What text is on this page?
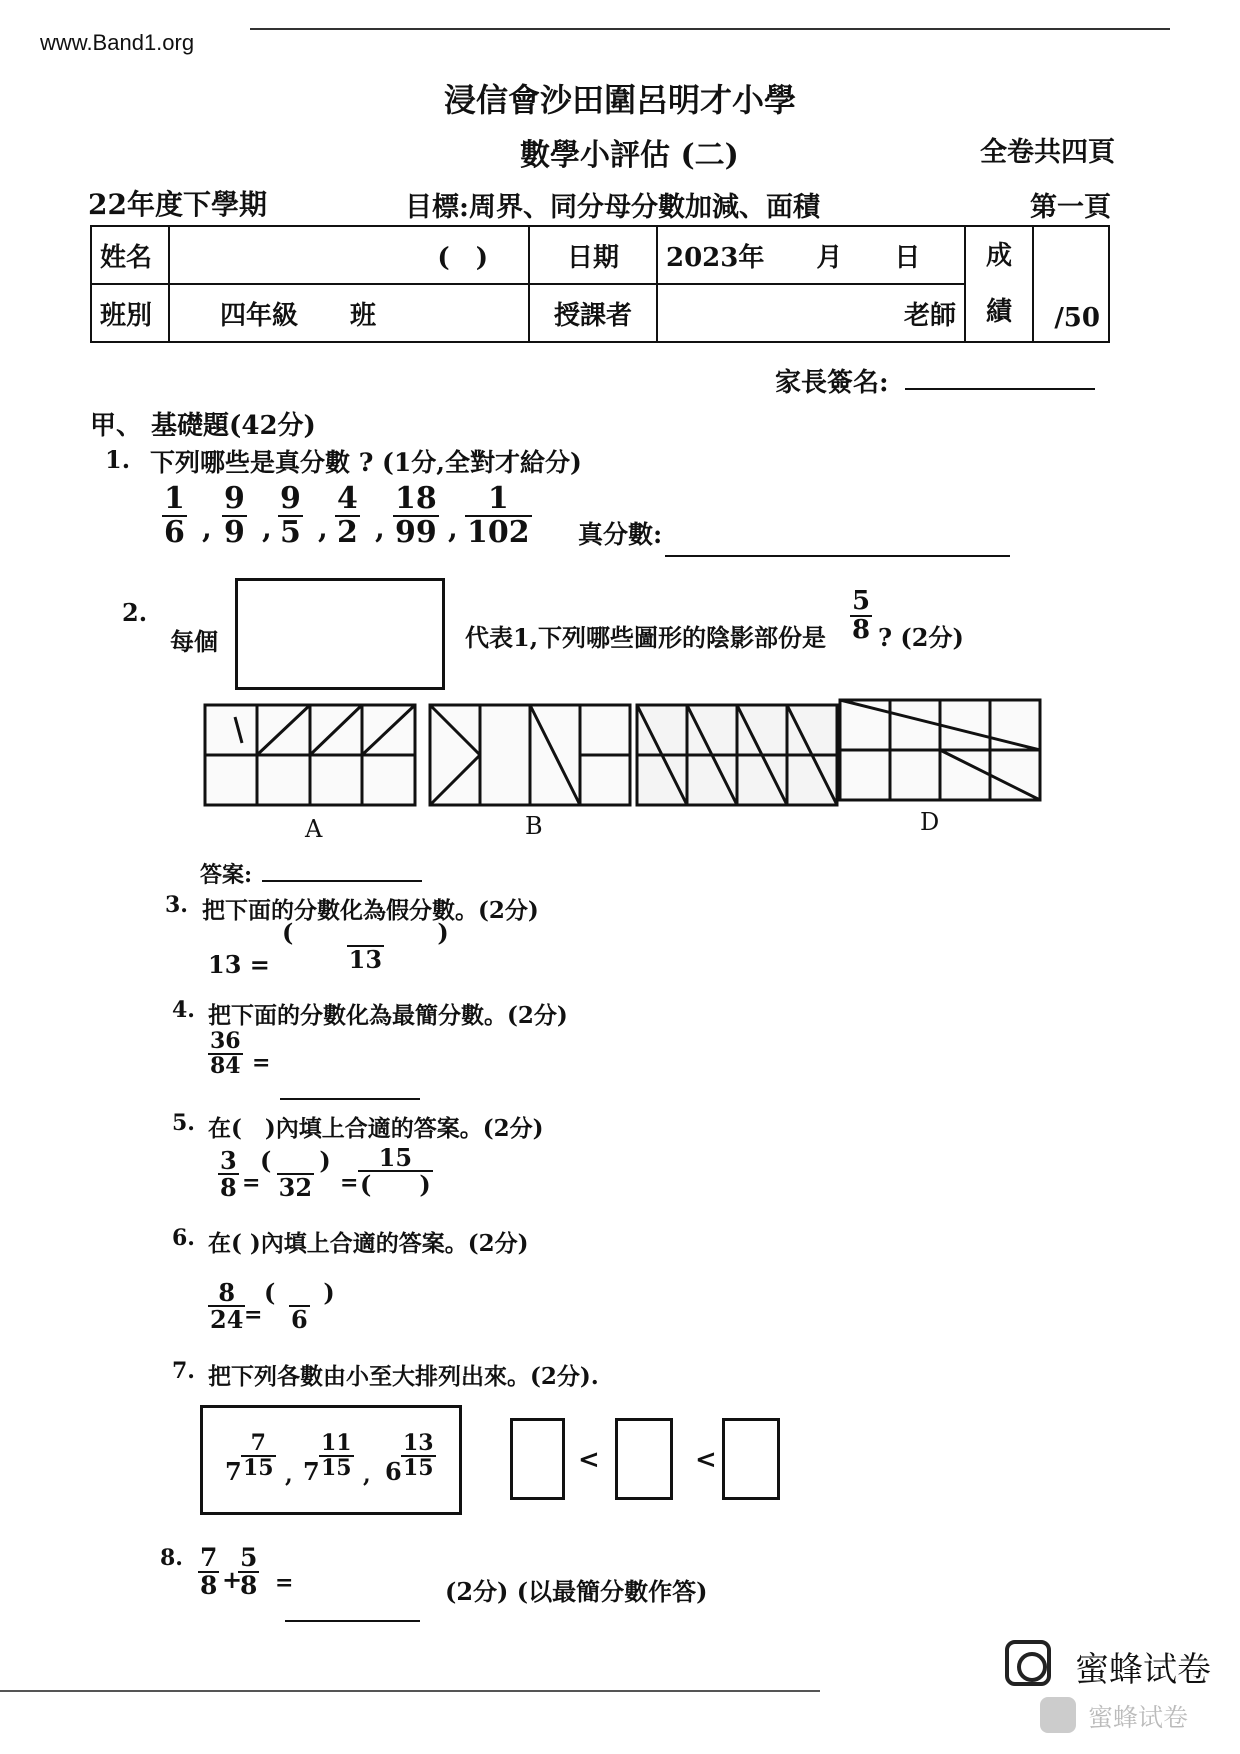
www.Band1.org
浸信會沙田圍呂明才小學
數學小評估 (二)	全卷共四頁
22年度下學期	目標:周界、同分母分數加減、面積	第一頁
姓名	(　)	日期	2023年　　月　　日	成績	/50
班別	四年級　　班	授課者	老師		
家長簽名:
甲、 基礎題(42分)
1. 下列哪些是真分數 ? (1分,全對才給分)
$\frac{1}{6}$ , $\frac{9}{9}$ , $\frac{9}{5}$ , $\frac{4}{2}$ , $\frac{18}{99}$ , $\frac{1}{102}$ 真分數:
2.
每個	代表1,下列哪些圖形的陰影部份是 $\frac{5}{8}$ ? (2分)
A	B	D
C
答案:
3. 把下面的分數化為假分數。(2分)
13 =
(　　　　　　)
13
4. 把下面的分數化為最簡分數。(2分)
$\frac{36}{84}$ =
5. 在(　)內填上合適的答案。(2分)
$\frac{3}{8}$ =
(　　)
32 =
15
(　　)
6. 在( )內填上合適的答案。(2分)
$\frac{8}{24}$
=
(　　)
6
7. 把下列各數由小至大排列出來。(2分).
$7 \frac{7}{15}$ , $7 \frac{11}{15}$ , $6 \frac{13}{15}$	<	<
8. $\frac{7}{8}$ +
$\frac{5}{8}$ =	(2分) (以最簡分數作答)
蜜蜂试卷
蜜蜂试卷
